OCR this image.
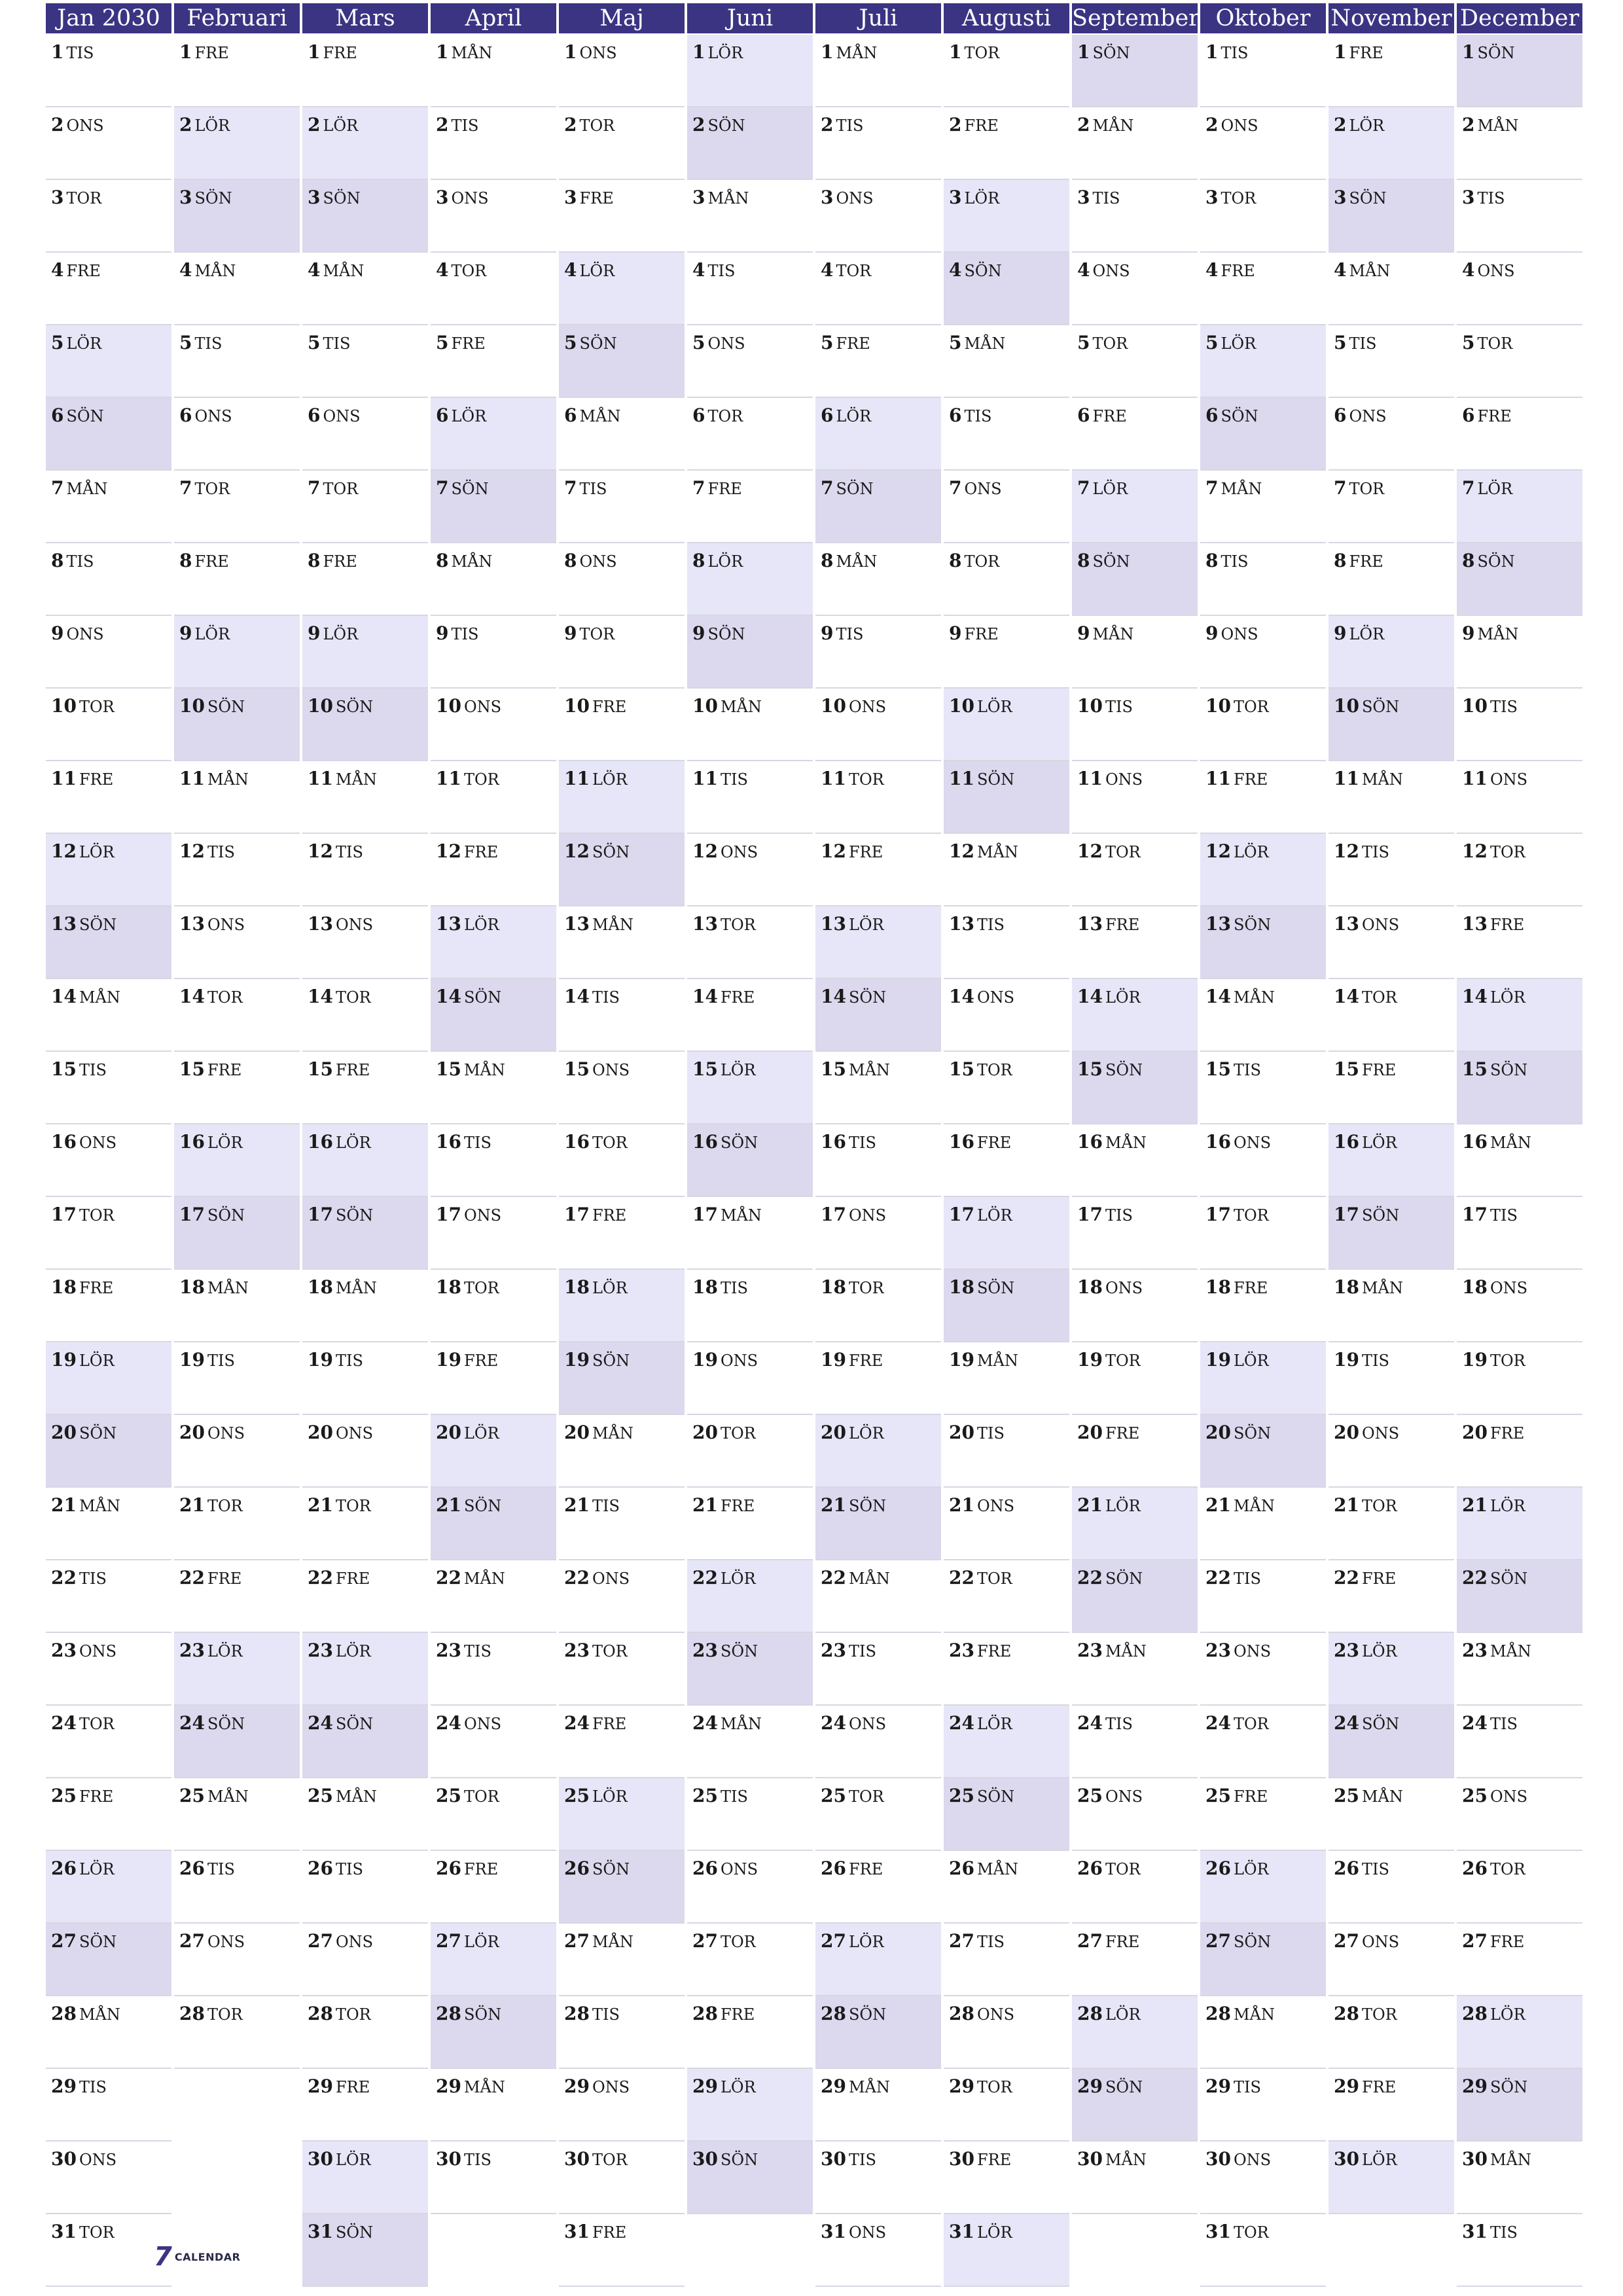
Jan 2030
1 TIS
2 ONS
3 TOR
4 FRE
5 LÖR
6 SÖN
7 MÅN
8 TIS
9 ONS
10 TOR
11 FRE
12 LÖR
13 SÖN
14 MÅN
15 TIS
16 ONS
17 TOR
18 FRE
19 LÖR
20 SÖN
21 MÅN
22 TIS
23 ONS
24 TOR
25 FRE
26 LÖR
27 SÖN
28 MÅN
29 TIS
30 ONS
31 TOR
Februari
1 FRE
2 LÖR
3 SÖN
4 MÅN
5 TIS
6 ONS
7 TOR
8 FRE
9 LÖR
10 SÖN
11 MÅN
12 TIS
13 ONS
14 TOR
15 FRE
16 LÖR
17 SÖN
18 MÅN
19 TIS
20 ONS
21 TOR
22 FRE
23 LÖR
24 SÖN
25 MÅN
26 TIS
27 ONS
28 TOR
Mars
1 FRE
2 LÖR
3 SÖN
4 MÅN
5 TIS
6 ONS
7 TOR
8 FRE
9 LÖR
10 SÖN
11 MÅN
12 TIS
13 ONS
14 TOR
15 FRE
16 LÖR
17 SÖN
18 MÅN
19 TIS
20 ONS
21 TOR
22 FRE
23 LÖR
24 SÖN
25 MÅN
26 TIS
27 ONS
28 TOR
29 FRE
30 LÖR
31 SÖN
April
1 MÅN
2 TIS
3 ONS
4 TOR
5 FRE
6 LÖR
7 SÖN
8 MÅN
9 TIS
10 ONS
11 TOR
12 FRE
13 LÖR
14 SÖN
15 MÅN
16 TIS
17 ONS
18 TOR
19 FRE
20 LÖR
21 SÖN
22 MÅN
23 TIS
24 ONS
25 TOR
26 FRE
27 LÖR
28 SÖN
29 MÅN
30 TIS
Maj
1 ONS
2 TOR
3 FRE
4 LÖR
5 SÖN
6 MÅN
7 TIS
8 ONS
9 TOR
10 FRE
11 LÖR
12 SÖN
13 MÅN
14 TIS
15 ONS
16 TOR
17 FRE
18 LÖR
19 SÖN
20 MÅN
21 TIS
22 ONS
23 TOR
24 FRE
25 LÖR
26 SÖN
27 MÅN
28 TIS
29 ONS
30 TOR
31 FRE
Juni
1 LÖR
2 SÖN
3 MÅN
4 TIS
5 ONS
6 TOR
7 FRE
8 LÖR
9 SÖN
10 MÅN
11 TIS
12 ONS
13 TOR
14 FRE
15 LÖR
16 SÖN
17 MÅN
18 TIS
19 ONS
20 TOR
21 FRE
22 LÖR
23 SÖN
24 MÅN
25 TIS
26 ONS
27 TOR
28 FRE
29 LÖR
30 SÖN
Juli
1 MÅN
2 TIS
3 ONS
4 TOR
5 FRE
6 LÖR
7 SÖN
8 MÅN
9 TIS
10 ONS
11 TOR
12 FRE
13 LÖR
14 SÖN
15 MÅN
16 TIS
17 ONS
18 TOR
19 FRE
20 LÖR
21 SÖN
22 MÅN
23 TIS
24 ONS
25 TOR
26 FRE
27 LÖR
28 SÖN
29 MÅN
30 TIS
31 ONS
Augusti
1 TOR
2 FRE
3 LÖR
4 SÖN
5 MÅN
6 TIS
7 ONS
8 TOR
9 FRE
10 LÖR
11 SÖN
12 MÅN
13 TIS
14 ONS
15 TOR
16 FRE
17 LÖR
18 SÖN
19 MÅN
20 TIS
21 ONS
22 TOR
23 FRE
24 LÖR
25 SÖN
26 MÅN
27 TIS
28 ONS
29 TOR
30 FRE
31 LÖR
September
1 SÖN
2 MÅN
3 TIS
4 ONS
5 TOR
6 FRE
7 LÖR
8 SÖN
9 MÅN
10 TIS
11 ONS
12 TOR
13 FRE
14 LÖR
15 SÖN
16 MÅN
17 TIS
18 ONS
19 TOR
20 FRE
21 LÖR
22 SÖN
23 MÅN
24 TIS
25 ONS
26 TOR
27 FRE
28 LÖR
29 SÖN
30 MÅN
Oktober
1 TIS
2 ONS
3 TOR
4 FRE
5 LÖR
6 SÖN
7 MÅN
8 TIS
9 ONS
10 TOR
11 FRE
12 LÖR
13 SÖN
14 MÅN
15 TIS
16 ONS
17 TOR
18 FRE
19 LÖR
20 SÖN
21 MÅN
22 TIS
23 ONS
24 TOR
25 FRE
26 LÖR
27 SÖN
28 MÅN
29 TIS
30 ONS
31 TOR
November
1 FRE
2 LÖR
3 SÖN
4 MÅN
5 TIS
6 ONS
7 TOR
8 FRE
9 LÖR
10 SÖN
11 MÅN
12 TIS
13 ONS
14 TOR
15 FRE
16 LÖR
17 SÖN
18 MÅN
19 TIS
20 ONS
21 TOR
22 FRE
23 LÖR
24 SÖN
25 MÅN
26 TIS
27 ONS
28 TOR
29 FRE
30 LÖR
December
1 SÖN
2 MÅN
3 TIS
4 ONS
5 TOR
6 FRE
7 LÖR
8 SÖN
9 MÅN
10 TIS
11 ONS
12 TOR
13 FRE
14 LÖR
15 SÖN
16 MÅN
17 TIS
18 ONS
19 TOR
20 FRE
21 LÖR
22 SÖN
23 MÅN
24 TIS
25 ONS
26 TOR
27 FRE
28 LÖR
29 SÖN
30 MÅN
31 TIS
7 CALENDAR
